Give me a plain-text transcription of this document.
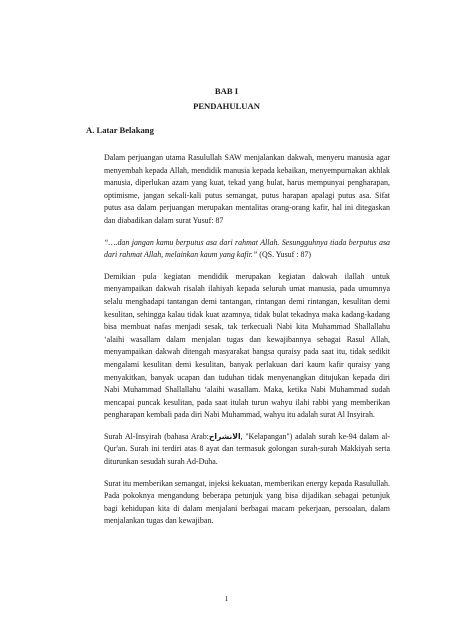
BAB I
PENDAHULUAN
A. Latar Belakang

Dalam perjuangan utama Rasulullah SAW menjalankan dakwah, menyeru manusia agar menyembah kepada Allah, mendidik manusia kepada kebaikan, menyempurnakan akhlak manusia, diperlukan azam yang kuat, tekad yang bulat, harus mempunyai pengharapan, optimisme, jangan sekali-kali putus semangat, putus harapan apalagi putus asa. Sifat putus asa dalam perjuangan merupakan mentalitas orang-orang kafir, hal ini ditegaskan dan diabadikan dalam surat Yusuf: 87

“….dan jangan kamu berputus asa dari rahmat Allah. Sesungguhnya tiada berputus asa dari rahmat Allah, melainkan kaum yang kafir.” (QS. Yusuf : 87)

Demikian pula kegiatan mendidik merupakan kegiatan dakwah ilallah untuk menyampaikan dakwah risalah ilahiyah kepada seluruh umat manusia, pada umumnya selalu menghadapi tantangan demi tantangan, rintangan demi rintangan, kesulitan demi kesulitan, sehingga kalau tidak kuat azamnya, tidak bulat tekadnya maka kadang-kadang bisa membuat nafas menjadi sesak, tak terkecuali Nabi kita Muhammad Shallallahu ‘alaihi wasallam dalam menjalan tugas dan kewajibannya sebagai Rasul Allah, menyampaikan dakwah ditengah masyarakat bangsa quraisy pada saat itu, tidak sedikit mengalami kesulitan demi kesulitan, banyak perlakuan dari kaum kafir quraisy yang menyakitkan, banyak ucapan dan tuduhan tidak menyenangkan ditujukan kepada diri Nabi Muhammad Shallallahu ‘alaihi wasallam. Maka, ketika Nabi Muhammad sudah mencapai puncak kesulitan, pada saat itulah turun wahyu ilahi rabbi yang memberikan pengharapan kembali pada diri Nabi Muhammad, wahyu itu adalah surat Al Insyirah.

Surah Al-Insyirah (bahasa Arab:الانشراح, "Kelapangan") adalah surah ke-94 dalam al-Qur'an. Surah ini terdiri atas 8 ayat dan termasuk golongan surah-surah Makkiyah serta diturunkan sesudah surah Ad-Duha.

Surat itu memberikan semangat, injeksi kekuatan, memberikan energy kepada Rasulullah. Pada pokoknya mengandung beberapa petunjuk yang bisa dijadikan sebagai petunjuk bagi kehidupan kita di dalam menjalani berbagai macam pekerjaan, persoalan, dalam menjalankan tugas dan kewajiban.

1
